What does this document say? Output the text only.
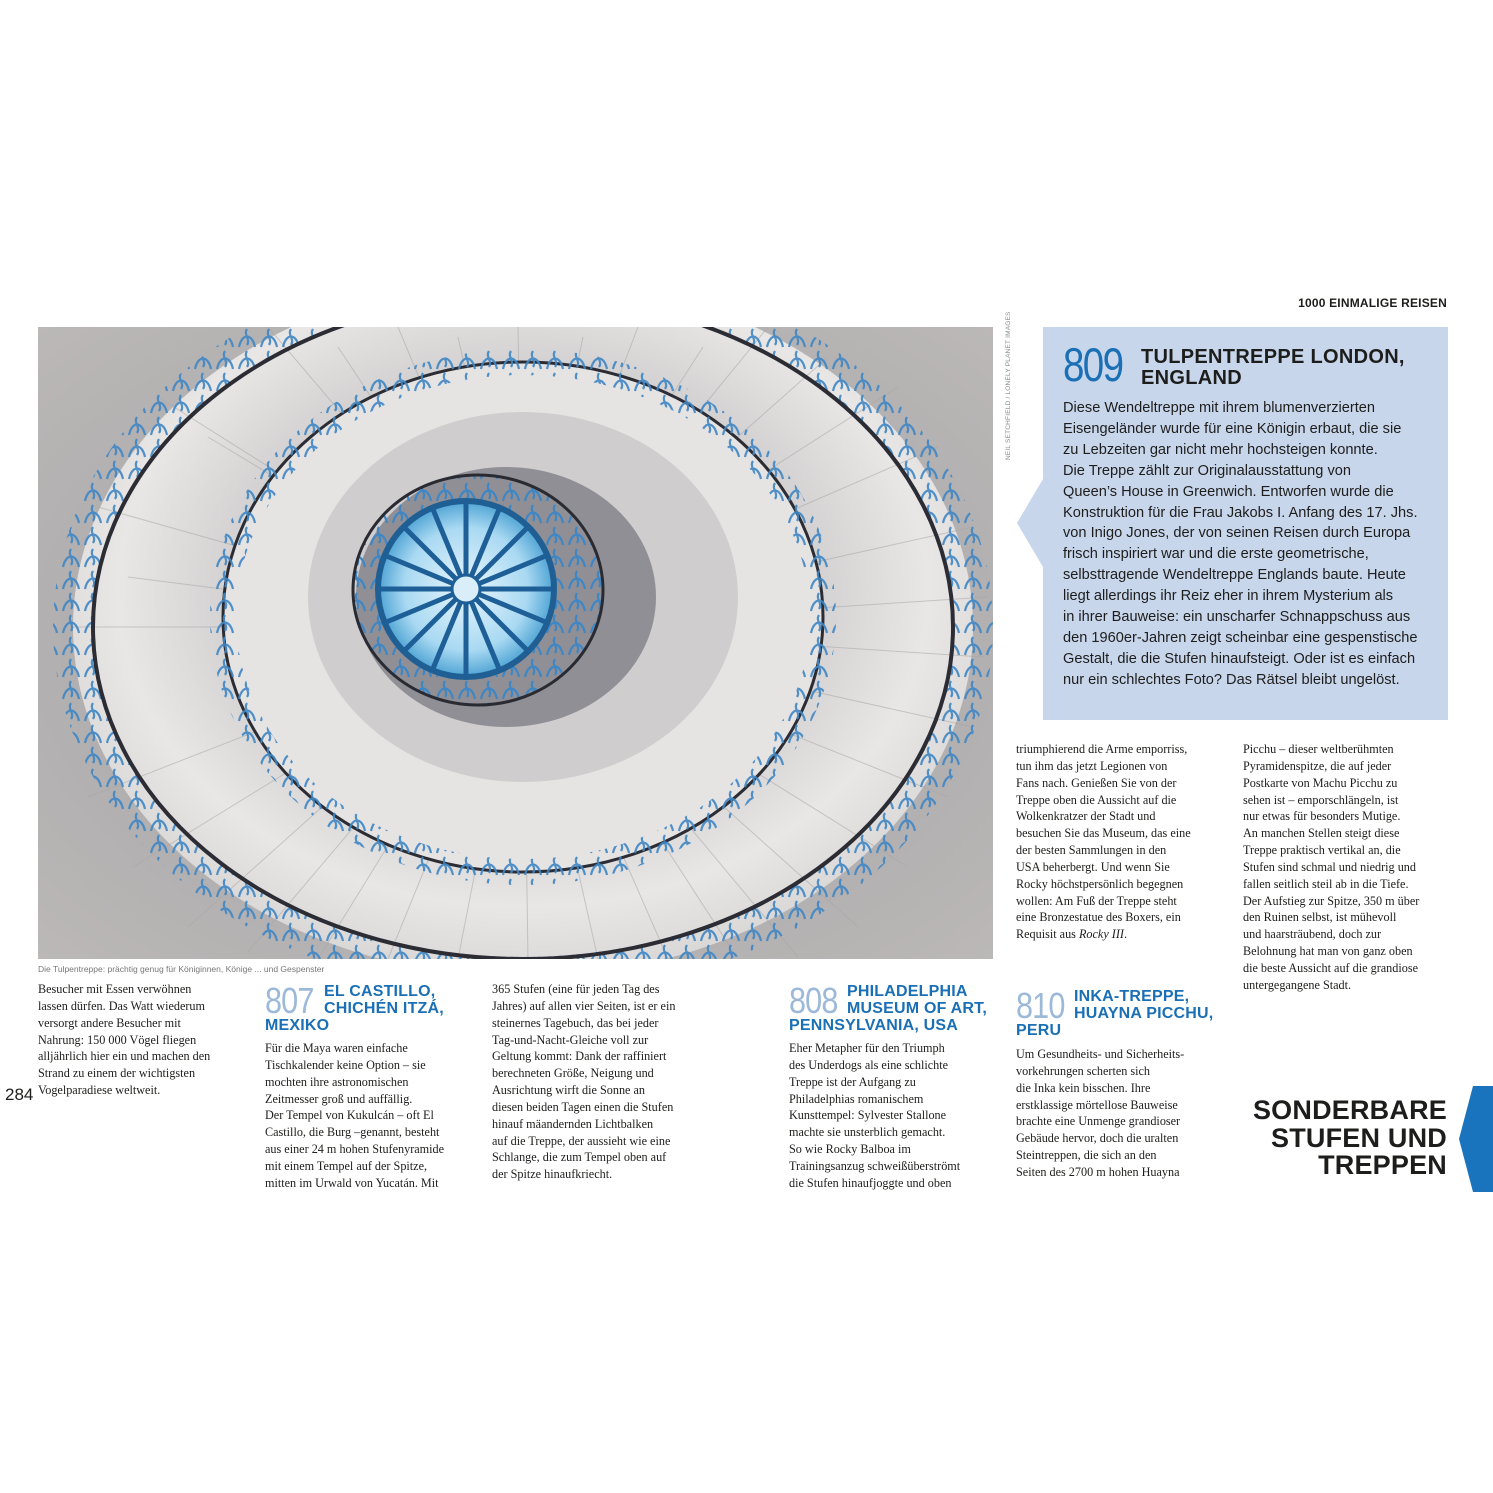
1000 EINMALIGE REISEN
NEIL SETCHFIELD / LONELY PLANET IMAGES
Die Tulpentreppe: prächtig genug für Königinnen, Könige ... und Gespenster
809 TULPENTREPPE LONDON,
ENGLAND
Diese Wendeltreppe mit ihrem blumenverzierten
Eisengeländer wurde für eine Königin erbaut, die sie
zu Lebzeiten gar nicht mehr hochsteigen konnte.
Die Treppe zählt zur Originalausstattung von
Queen’s House in Greenwich. Entworfen wurde die
Konstruktion für die Frau Jakobs I. Anfang des 17. Jhs.
von Inigo Jones, der von seinen Reisen durch Europa
frisch inspiriert war und die erste geometrische,
selbsttragende Wendeltreppe Englands baute. Heute
liegt allerdings ihr Reiz eher in ihrem Mysterium als
in ihrer Bauweise: ein unscharfer Schnappschuss aus
den 1960er-Jahren zeigt scheinbar eine gespenstische
Gestalt, die die Stufen hinaufsteigt. Oder ist es einfach
nur ein schlechtes Foto? Das Rätsel bleibt ungelöst.
Besucher mit Essen verwöhnen
lassen dürfen. Das Watt wiederum
versorgt andere Besucher mit
Nahrung: 150 000 Vögel fliegen
alljährlich hier ein und machen den
Strand zu einem der wichtigsten
Vogelparadiese weltweit.
807 EL CASTILLO,
CHICHÉN ITZÁ,
MEXIKO
Für die Maya waren einfache
Tischkalender keine Option – sie
mochten ihre astronomischen
Zeitmesser groß und auffällig.
Der Tempel von Kukulcán – oft El
Castillo, die Burg –genannt, besteht
aus einer 24 m hohen Stufenyramide
mit einem Tempel auf der Spitze,
mitten im Urwald von Yucatán. Mit
365 Stufen (eine für jeden Tag des
Jahres) auf allen vier Seiten, ist er ein
steinernes Tagebuch, das bei jeder
Tag-und-Nacht-Gleiche voll zur
Geltung kommt: Dank der raffiniert
berechneten Größe, Neigung und
Ausrichtung wirft die Sonne an
diesen beiden Tagen einen die Stufen
hinauf mäandernden Lichtbalken
auf die Treppe, der aussieht wie eine
Schlange, die zum Tempel oben auf
der Spitze hinaufkriecht.
808 PHILADELPHIA
MUSEUM OF ART,
PENNSYLVANIA, USA
Eher Metapher für den Triumph
des Underdogs als eine schlichte
Treppe ist der Aufgang zu
Philadelphias romanischem
Kunsttempel: Sylvester Stallone
machte sie unsterblich gemacht.
So wie Rocky Balboa im
Trainingsanzug schweißüberströmt
die Stufen hinaufjoggte und oben
triumphierend die Arme emporriss,
tun ihm das jetzt Legionen von
Fans nach. Genießen Sie von der
Treppe oben die Aussicht auf die
Wolkenkratzer der Stadt und
besuchen Sie das Museum, das eine
der besten Sammlungen in den
USA beherbergt. Und wenn Sie
Rocky höchstpersönlich begegnen
wollen: Am Fuß der Treppe steht
eine Bronzestatue des Boxers, ein
Requisit aus Rocky III.
810 INKA-TREPPE,
HUAYNA PICCHU,
PERU
Um Gesundheits- und Sicherheits-
vorkehrungen scherten sich
die Inka kein bisschen. Ihre
erstklassige mörtellose Bauweise
brachte eine Unmenge grandioser
Gebäude hervor, doch die uralten
Steintreppen, die sich an den
Seiten des 2700 m hohen Huayna
Picchu – dieser weltberühmten
Pyramidenspitze, die auf jeder
Postkarte von Machu Picchu zu
sehen ist – emporschlängeln, ist
nur etwas für besonders Mutige.
An manchen Stellen steigt diese
Treppe praktisch vertikal an, die
Stufen sind schmal und niedrig und
fallen seitlich steil ab in die Tiefe.
Der Aufstieg zur Spitze, 350 m über
den Ruinen selbst, ist mühevoll
und haarsträubend, doch zur
Belohnung hat man von ganz oben
die beste Aussicht auf die grandiose
untergegangene Stadt.
284
SONDERBARE
STUFEN UND
TREPPEN
